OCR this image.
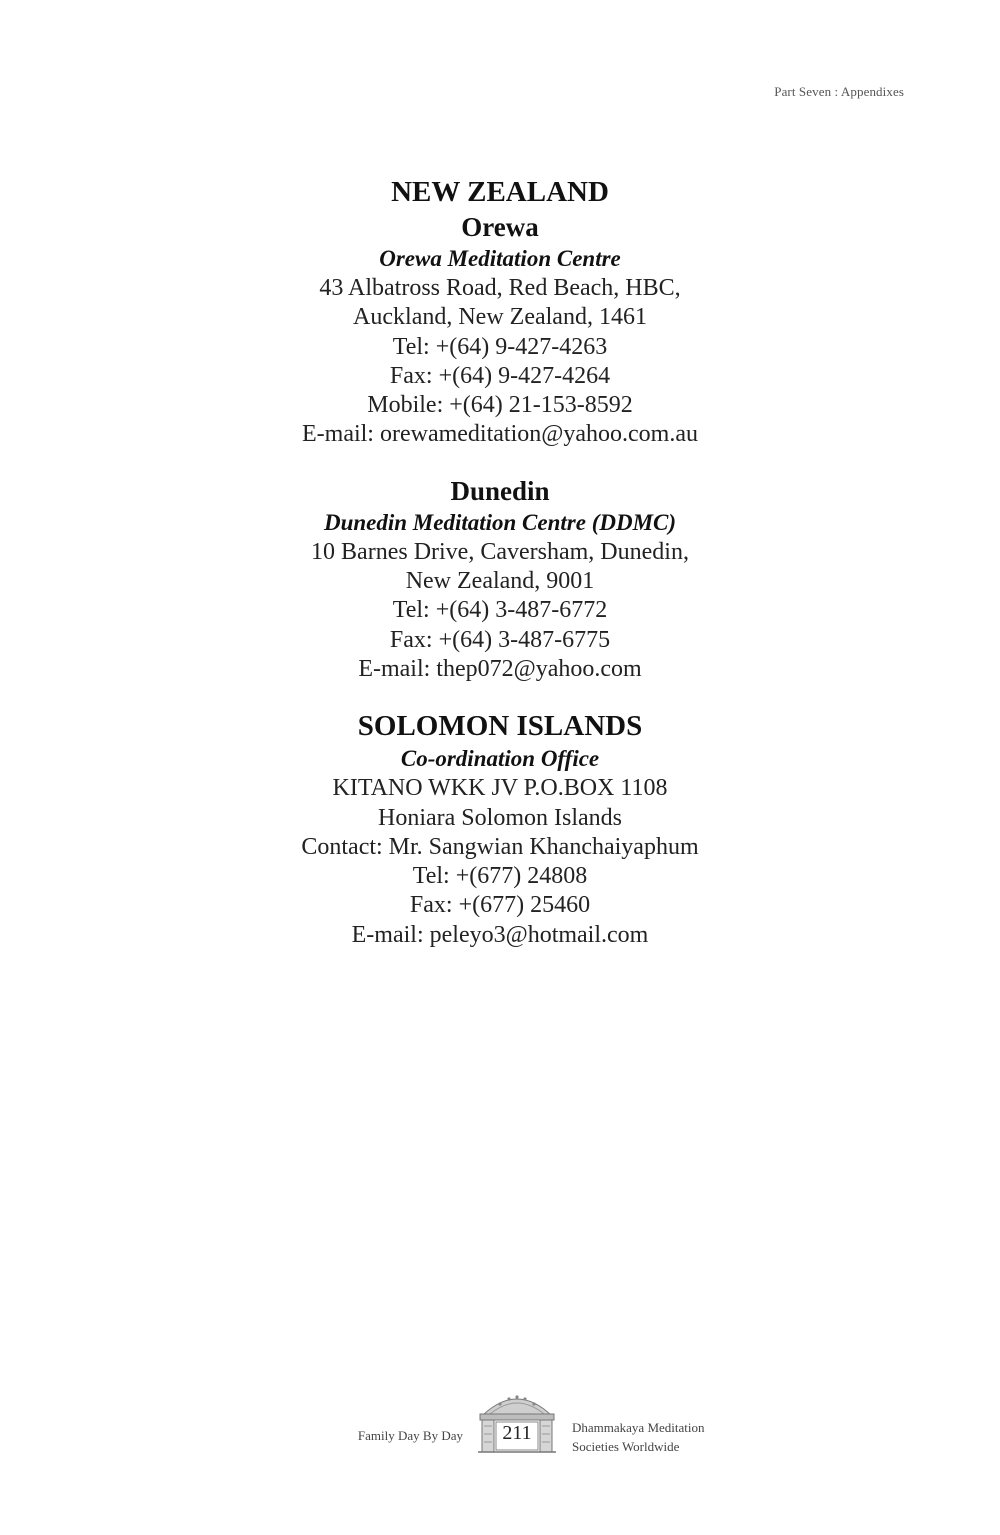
Part Seven : Appendixes
NEW ZEALAND
Orewa
Orewa Meditation Centre
43 Albatross Road, Red Beach, HBC,
Auckland, New Zealand, 1461
Tel: +(64) 9-427-4263
Fax: +(64) 9-427-4264
Mobile: +(64) 21-153-8592
E-mail: orewameditation@yahoo.com.au
Dunedin
Dunedin Meditation Centre (DDMC)
10 Barnes Drive, Caversham, Dunedin,
New Zealand, 9001
Tel: +(64) 3-487-6772
Fax: +(64) 3-487-6775
E-mail: thep072@yahoo.com
SOLOMON ISLANDS
Co-ordination Office
KITANO WKK JV P.O.BOX 1108
Honiara Solomon Islands
Contact: Mr. Sangwian Khanchaiyaphum
Tel: +(677) 24808
Fax: +(677) 25460
E-mail: peleyo3@hotmail.com
Family Day By Day	211	Dhammakaya Meditation
Societies Worldwide
